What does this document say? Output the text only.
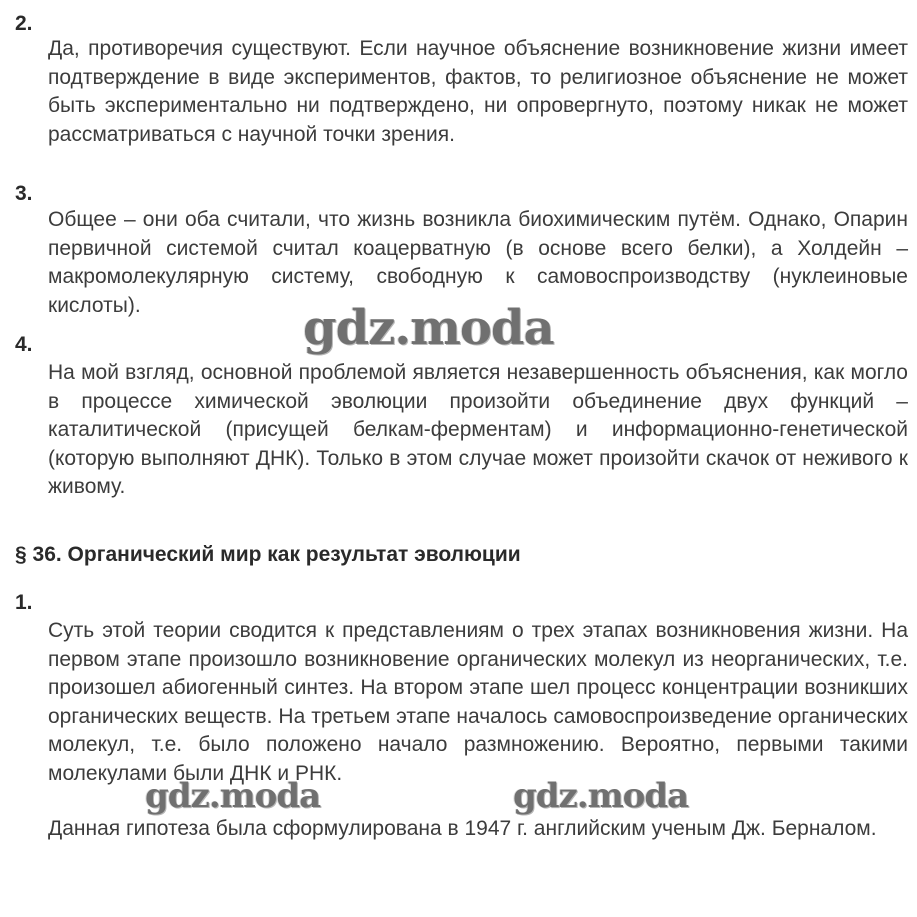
2.

Да, противоречия существуют. Если научное объяснение возникновение жизни имеет подтверждение в виде экспериментов, фактов, то религиозное объяснение не может быть экспериментально ни подтверждено, ни опровергнуто, поэтому никак не может рассматриваться с научной точки зрения.

3.

Общее – они оба считали, что жизнь возникла биохимическим путём. Однако, Опарин первичной системой считал коацерватную (в основе всего белки), а Холдейн – макромолекулярную систему, свободную к самовоспроизводству (нуклеиновые кислоты).

4.

На мой взгляд, основной проблемой является незавершенность объяснения, как могло в процессе химической эволюции произойти объединение двух функций – каталитической (присущей белкам-ферментам) и информационно-генетической (которую выполняют ДНК). Только в этом случае может произойти скачок от неживого к живому.

§ 36. Органический мир как результат эволюции
1.

Суть этой теории сводится к представлениям о трех этапах возникновения жизни. На первом этапе произошло возникновение органических молекул из неорганических, т.е. произошел абиогенный синтез. На втором этапе шел процесс концентрации возникших органических веществ. На третьем этапе началось самовоспроизведение органических молекул, т.е. было положено начало размножению. Вероятно, первыми такими молекулами были ДНК и РНК.

Данная гипотеза была сформулирована в 1947 г. английским ученым Дж. Берналом.

gdz.moda
gdz.moda	gdz.moda
